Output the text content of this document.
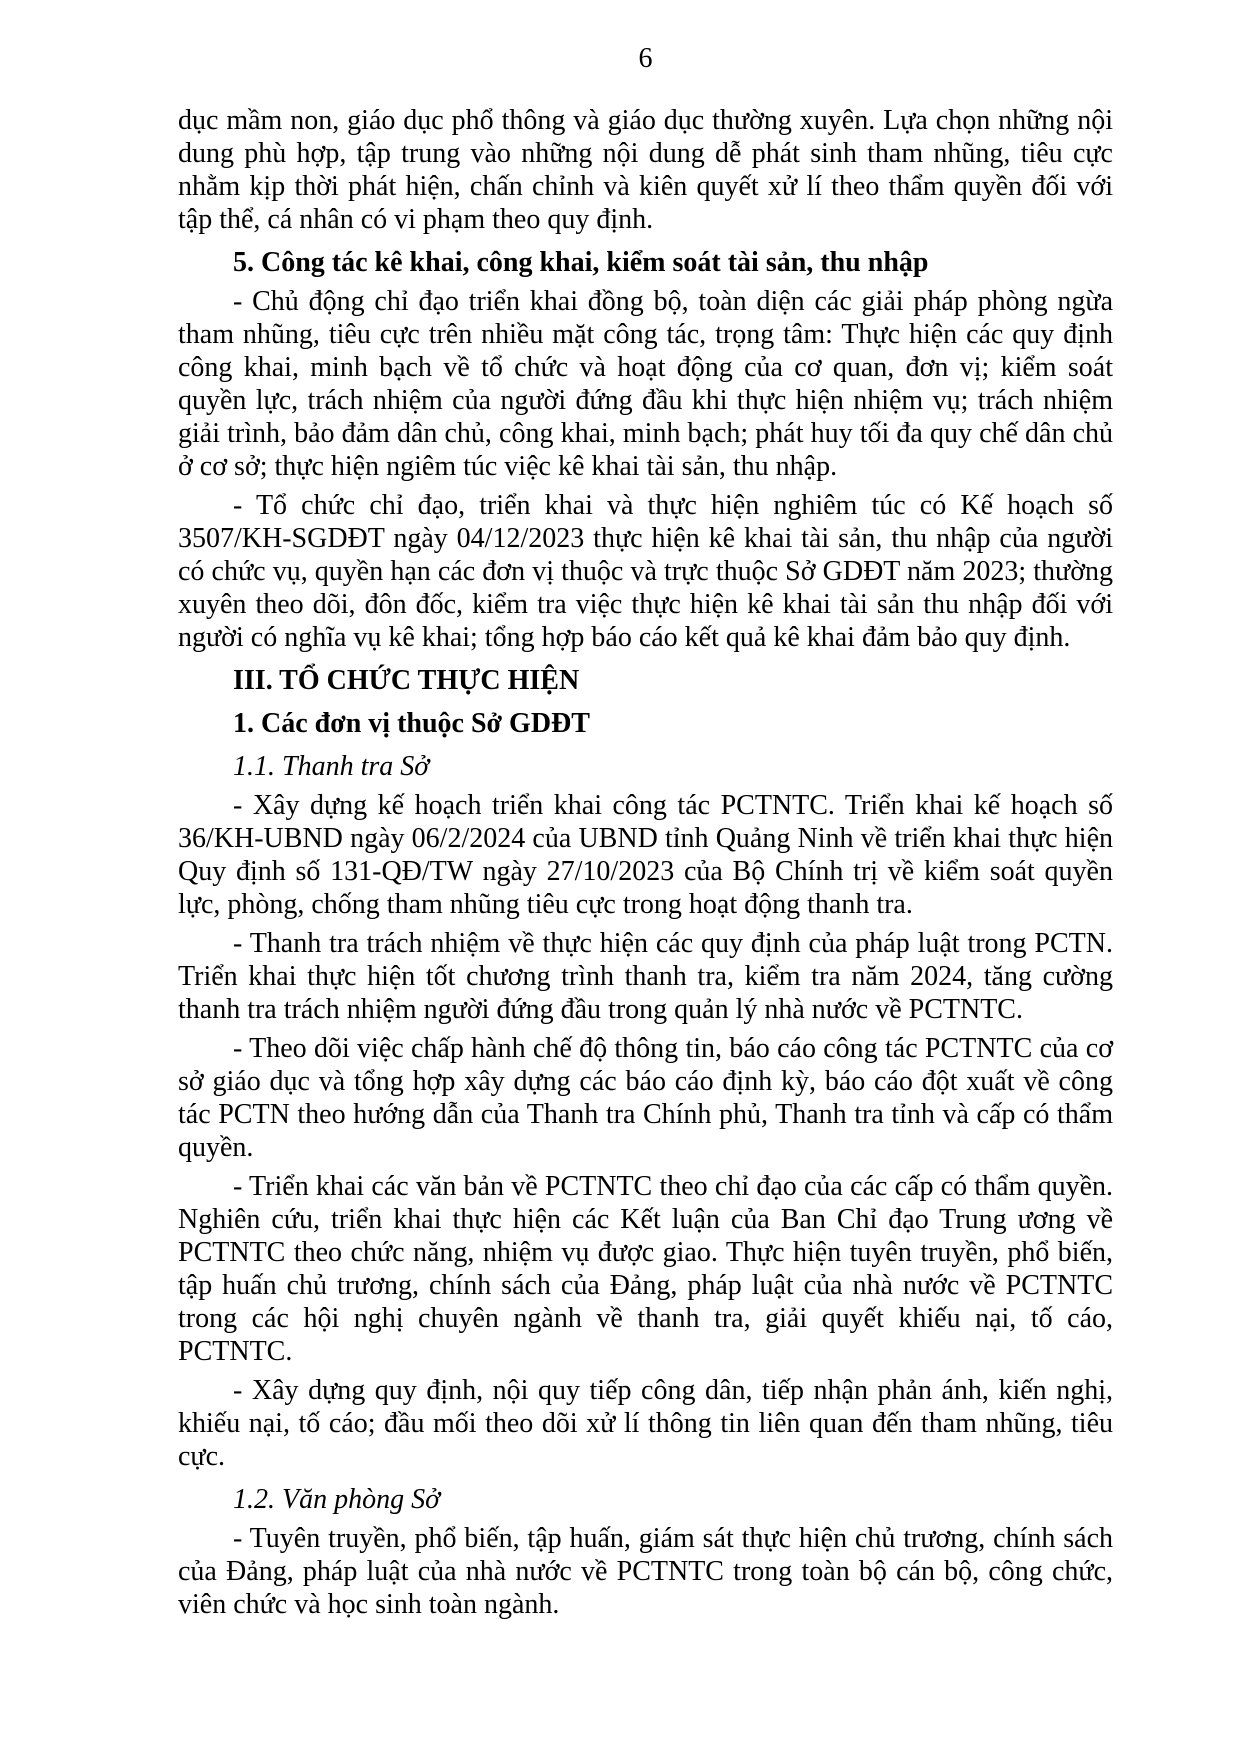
6

dục mầm non, giáo dục phổ thông và giáo dục thường xuyên. Lựa chọn những nội dung phù hợp, tập trung vào những nội dung dễ phát sinh tham nhũng, tiêu cực nhằm kịp thời phát hiện, chấn chỉnh và kiên quyết xử lí theo thẩm quyền đối với tập thể, cá nhân có vi phạm theo quy định.

5. Công tác kê khai, công khai, kiểm soát tài sản, thu nhập

- Chủ động chỉ đạo triển khai đồng bộ, toàn diện các giải pháp phòng ngừa tham nhũng, tiêu cực trên nhiều mặt công tác, trọng tâm: Thực hiện các quy định công khai, minh bạch về tổ chức và hoạt động của cơ quan, đơn vị; kiểm soát quyền lực, trách nhiệm của người đứng đầu khi thực hiện nhiệm vụ; trách nhiệm giải trình, bảo đảm dân chủ, công khai, minh bạch; phát huy tối đa quy chế dân chủ ở cơ sở; thực hiện ngiêm túc việc kê khai tài sản, thu nhập.

- Tổ chức chỉ đạo, triển khai và thực hiện nghiêm túc có Kế hoạch số 3507/KH-SGDĐT ngày 04/12/2023 thực hiện kê khai tài sản, thu nhập của người có chức vụ, quyền hạn các đơn vị thuộc và trực thuộc Sở GDĐT năm 2023; thường xuyên theo dõi, đôn đốc, kiểm tra việc thực hiện kê khai tài sản thu nhập đối với người có nghĩa vụ kê khai; tổng hợp báo cáo kết quả kê khai đảm bảo quy định.

III. TỔ CHỨC THỰC HIỆN

1. Các đơn vị thuộc Sở GDĐT

1.1. Thanh tra Sở

- Xây dựng kế hoạch triển khai công tác PCTNTC. Triển khai kế hoạch số 36/KH-UBND ngày 06/2/2024 của UBND tỉnh Quảng Ninh về triển khai thực hiện Quy định số 131-QĐ/TW ngày 27/10/2023 của Bộ Chính trị về kiểm soát quyền lực, phòng, chống tham nhũng tiêu cực trong hoạt động thanh tra.

- Thanh tra trách nhiệm về thực hiện các quy định của pháp luật trong PCTN. Triển khai thực hiện tốt chương trình thanh tra, kiểm tra năm 2024, tăng cường thanh tra trách nhiệm người đứng đầu trong quản lý nhà nước về PCTNTC.

- Theo dõi việc chấp hành chế độ thông tin, báo cáo công tác PCTNTC của cơ sở giáo dục và tổng hợp xây dựng các báo cáo định kỳ, báo cáo đột xuất về công tác PCTN theo hướng dẫn của Thanh tra Chính phủ, Thanh tra tỉnh và cấp có thẩm quyền.

- Triển khai các văn bản về PCTNTC theo chỉ đạo của các cấp có thẩm quyền. Nghiên cứu, triển khai thực hiện các Kết luận của Ban Chỉ đạo Trung ương về PCTNTC theo chức năng, nhiệm vụ được giao. Thực hiện tuyên truyền, phổ biến, tập huấn chủ trương, chính sách của Đảng, pháp luật của nhà nước về PCTNTC trong các hội nghị chuyên ngành về thanh tra, giải quyết khiếu nại, tố cáo, PCTNTC.

- Xây dựng quy định, nội quy tiếp công dân, tiếp nhận phản ánh, kiến nghị, khiếu nại, tố cáo; đầu mối theo dõi xử lí thông tin liên quan đến tham nhũng, tiêu cực.

1.2. Văn phòng Sở

- Tuyên truyền, phổ biến, tập huấn, giám sát thực hiện chủ trương, chính sách của Đảng, pháp luật của nhà nước về PCTNTC trong toàn bộ cán bộ, công chức, viên chức và học sinh toàn ngành.
